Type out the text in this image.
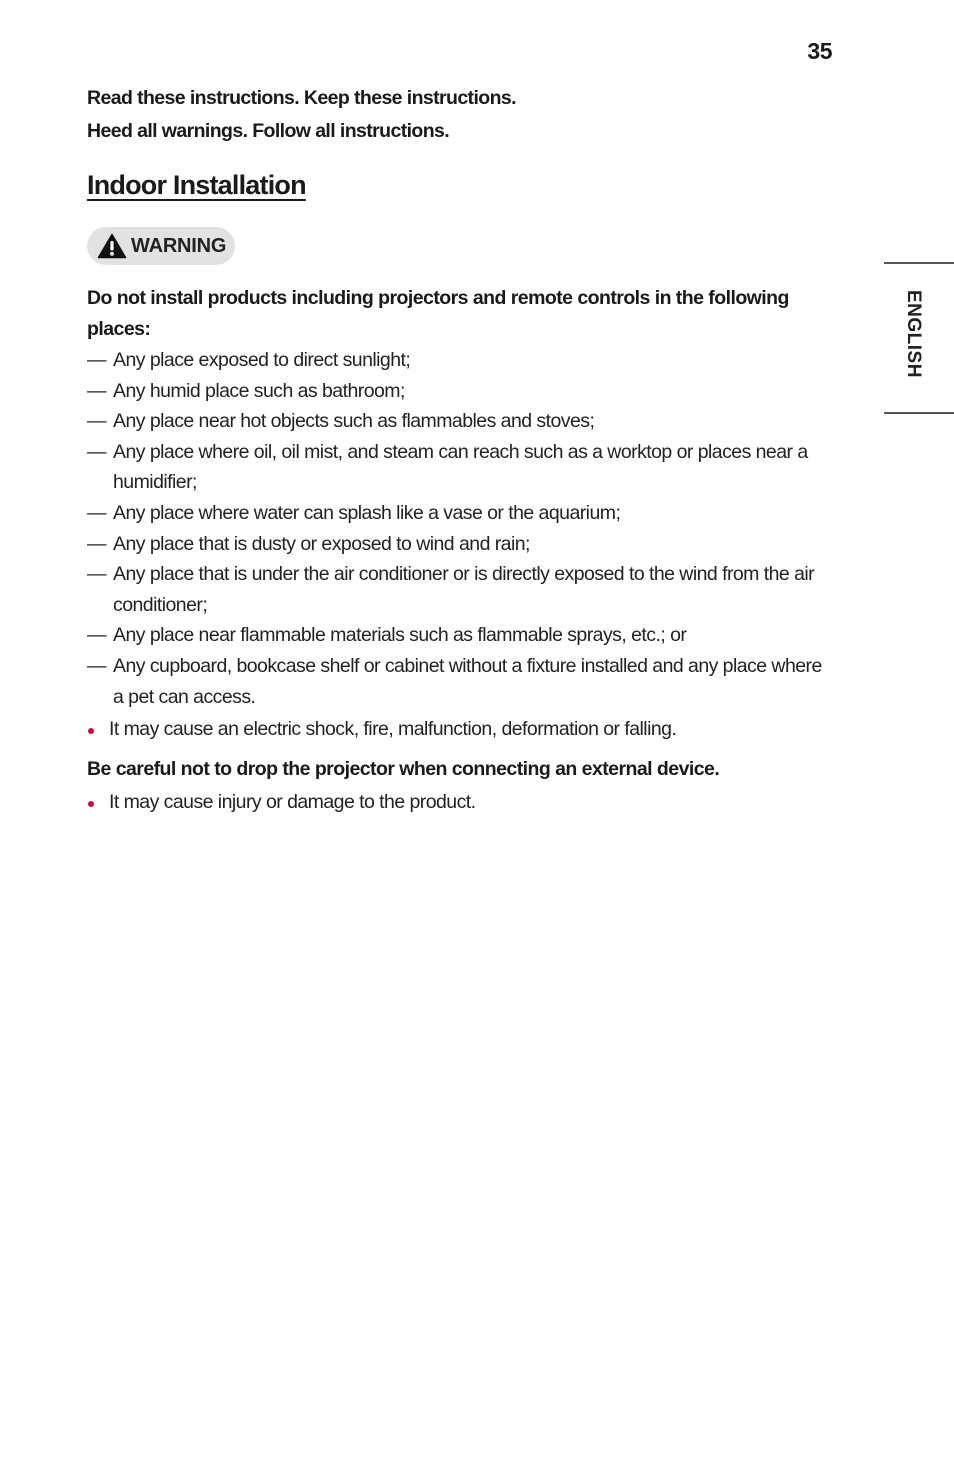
35
ENGLISH
Read these instructions. Keep these instructions.
Heed all warnings. Follow all instructions.
Indoor Installation
WARNING

Do not install products including projectors and remote controls in the following places:

— Any place exposed to direct sunlight;
— Any humid place such as bathroom;
— Any place near hot objects such as flammables and stoves;
— Any place where oil, oil mist, and steam can reach such as a worktop or places near a humidifier;
— Any place where water can splash like a vase or the aquarium;
— Any place that is dusty or exposed to wind and rain;
— Any place that is under the air conditioner or is directly exposed to the wind from the air conditioner;
— Any place near flammable materials such as flammable sprays, etc.; or
— Any cupboard, bookcase shelf or cabinet without a fixture installed and any place where a pet can access.

It may cause an electric shock, fire, malfunction, deformation or falling.

Be careful not to drop the projector when connecting an external device.

It may cause injury or damage to the product.
